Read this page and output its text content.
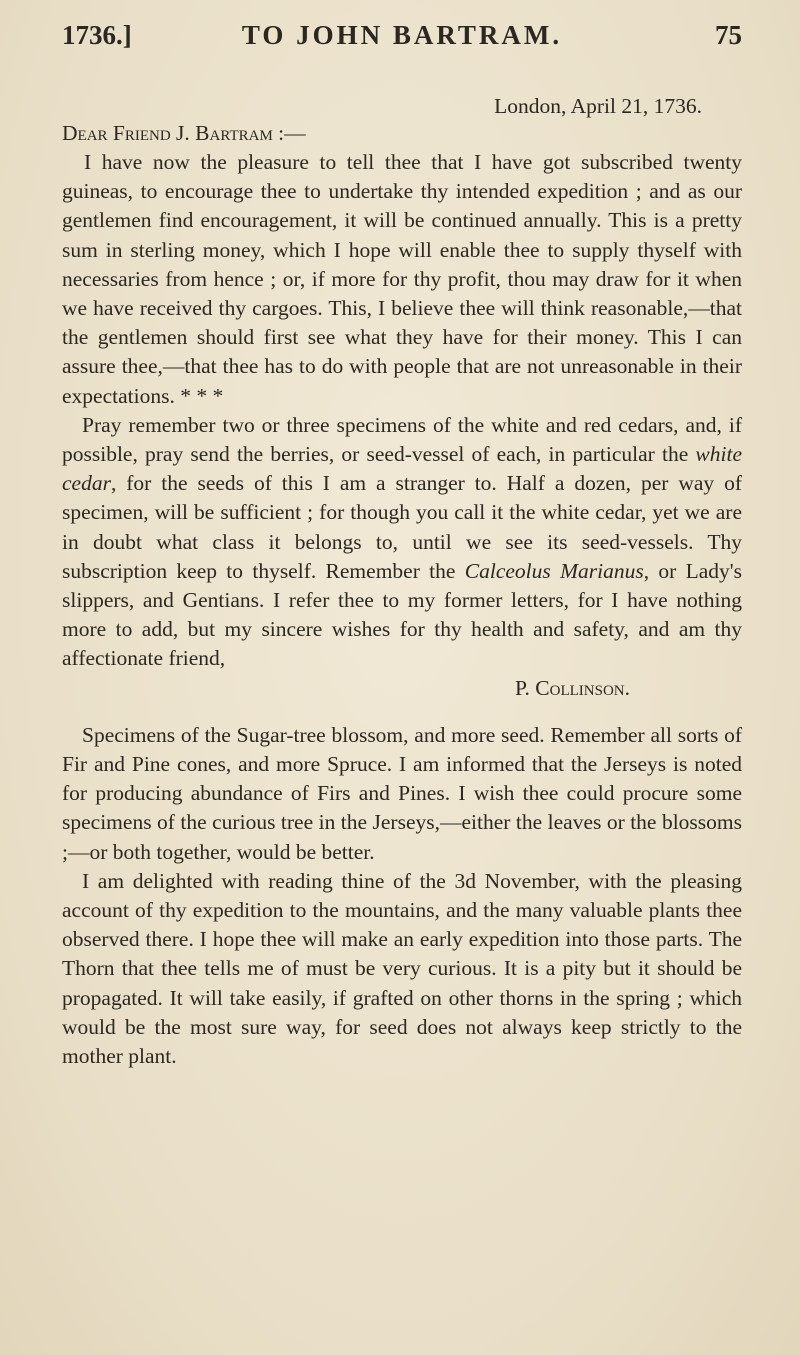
1736.]	TO JOHN BARTRAM.	75
London, April 21, 1736.
Dear Friend J. Bartram :—

I have now the pleasure to tell thee that I have got subscribed twenty guineas, to encourage thee to undertake thy intended expedition ; and as our gentlemen find encouragement, it will be continued annually. This is a pretty sum in sterling money, which I hope will enable thee to supply thyself with necessaries from hence ; or, if more for thy profit, thou may draw for it when we have received thy cargoes. This, I believe thee will think reasonable,—that the gentlemen should first see what they have for their money. This I can assure thee,—that thee has to do with people that are not unreasonable in their expectations. * * *

Pray remember two or three specimens of the white and red cedars, and, if possible, pray send the berries, or seed-vessel of each, in particular the white cedar, for the seeds of this I am a stranger to. Half a dozen, per way of specimen, will be sufficient ; for though you call it the white cedar, yet we are in doubt what class it belongs to, until we see its seed-vessels. Thy subscription keep to thyself. Remember the Calceolus Marianus, or Lady's slippers, and Gentians. I refer thee to my former letters, for I have nothing more to add, but my sincere wishes for thy health and safety, and am thy affectionate friend,

P. Collinson.

Specimens of the Sugar-tree blossom, and more seed. Remember all sorts of Fir and Pine cones, and more Spruce. I am informed that the Jerseys is noted for producing abundance of Firs and Pines. I wish thee could procure some specimens of the curious tree in the Jerseys,—either the leaves or the blossoms ;—or both together, would be better.

I am delighted with reading thine of the 3d November, with the pleasing account of thy expedition to the mountains, and the many valuable plants thee observed there. I hope thee will make an early expedition into those parts. The Thorn that thee tells me of must be very curious. It is a pity but it should be propagated. It will take easily, if grafted on other thorns in the spring ; which would be the most sure way, for seed does not always keep strictly to the mother plant.
